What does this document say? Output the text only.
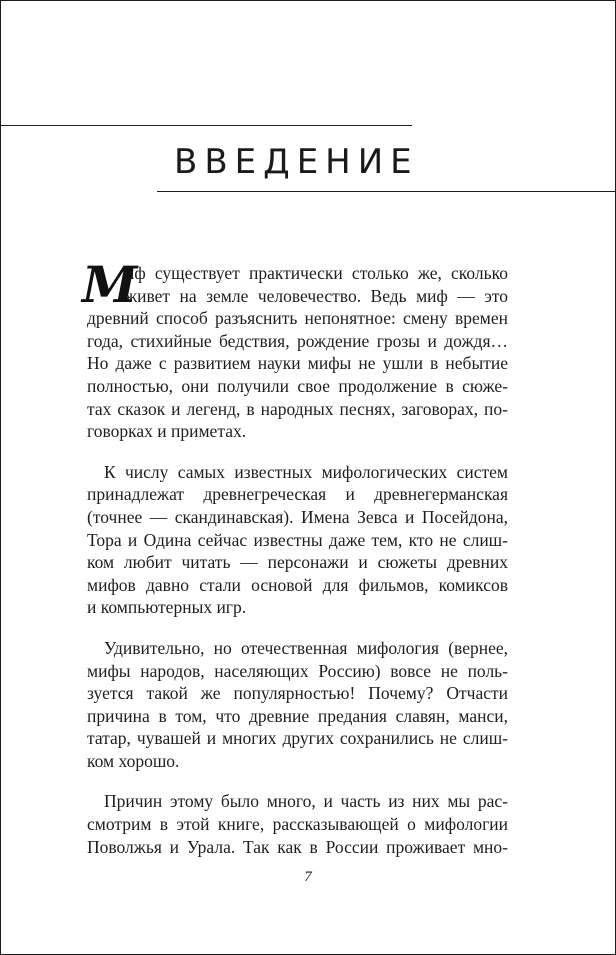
ВВЕДЕНИЕ

М
иф существует практически столько же, сколько
живет на земле человечество. Ведь миф — это
древний способ разъяснить непонятное: смену времен
года, стихийные бедствия, рождение грозы и дождя…
Но даже с развитием науки мифы не ушли в небытие
полностью, они получили свое продолжение в сюже-
тах сказок и легенд, в народных песнях, заговорах, по-
говорках и приметах.

К числу самых известных мифологических систем
принадлежат древнегреческая и древнегерманская
(точнее — скандинавская). Имена Зевса и Посейдона,
Тора и Одина сейчас известны даже тем, кто не слиш-
ком любит читать — персонажи и сюжеты древних
мифов давно стали основой для фильмов, комиксов
и компьютерных игр.

Удивительно, но отечественная мифология (вернее,
мифы народов, населяющих Россию) вовсе не поль-
зуется такой же популярностью! Почему? Отчасти
причина в том, что древние предания славян, манси,
татар, чувашей и многих других сохранились не слиш-
ком хорошо.

Причин этому было много, и часть из них мы рас-
смотрим в этой книге, рассказывающей о мифологии
Поволжья и Урала. Так как в России проживает мно-

7
